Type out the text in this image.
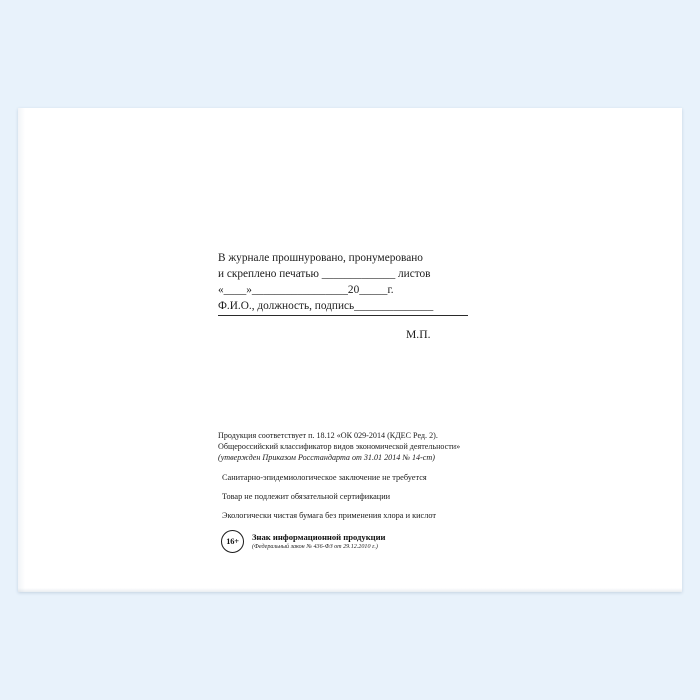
В журнале прошнуровано, пронумеровано
и скреплено печатью _____________ листов
«____»_________________20_____г.
Ф.И.О., должность, подпись______________
М.П.
Продукция соответствует п. 18.12 «ОК 029-2014 (КДЕС Ред. 2).
Общероссийский классификатор видов экономической деятельности»
(утвержден Приказом Росстандарта от 31.01 2014 № 14-ст)
Санитарно-эпидемиологическое заключение не требуется
Товар не подлежит обязательной сертификации
Экологически чистая бумага без применения хлора и кислот
16+	Знак информационной продукции
(Федеральный закон № 436-ФЗ от 29.12.2010 г.)
